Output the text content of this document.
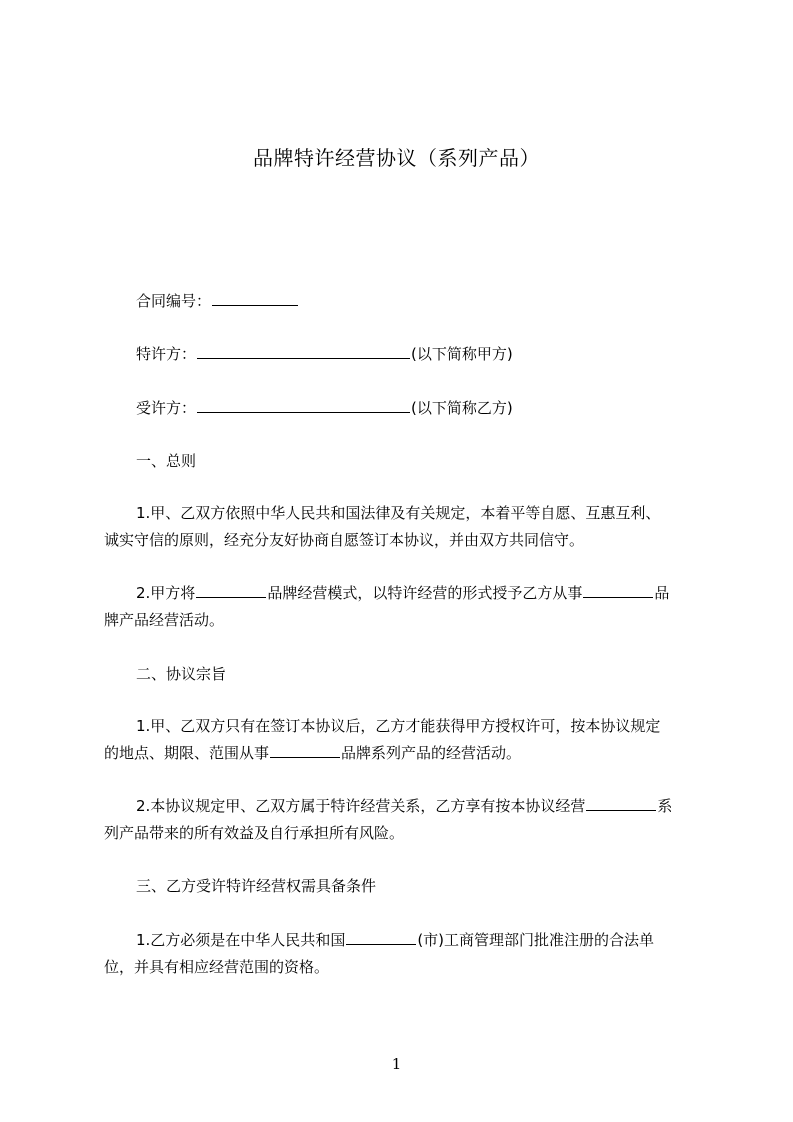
品牌特许经营协议（系列产品）
合同编号：
特许方：	(以下简称甲方)
受许方：	(以下简称乙方)
一、总则
1.甲、乙双方依照中华人民共和国法律及有关规定，本着平等自愿、互惠互利、
诚实守信的原则，经充分友好协商自愿签订本协议，并由双方共同信守。
2.甲方将	品牌经营模式，以特许经营的形式授予乙方从事	品
牌产品经营活动。
二、协议宗旨
1.甲、乙双方只有在签订本协议后，乙方才能获得甲方授权许可，按本协议规定
的地点、期限、范围从事	品牌系列产品的经营活动。
2.本协议规定甲、乙双方属于特许经营关系，乙方享有按本协议经营	系
列产品带来的所有效益及自行承担所有风险。
三、乙方受许特许经营权需具备条件
1.乙方必须是在中华人民共和国	(市)工商管理部门批准注册的合法单
位，并具有相应经营范围的资格。
1
